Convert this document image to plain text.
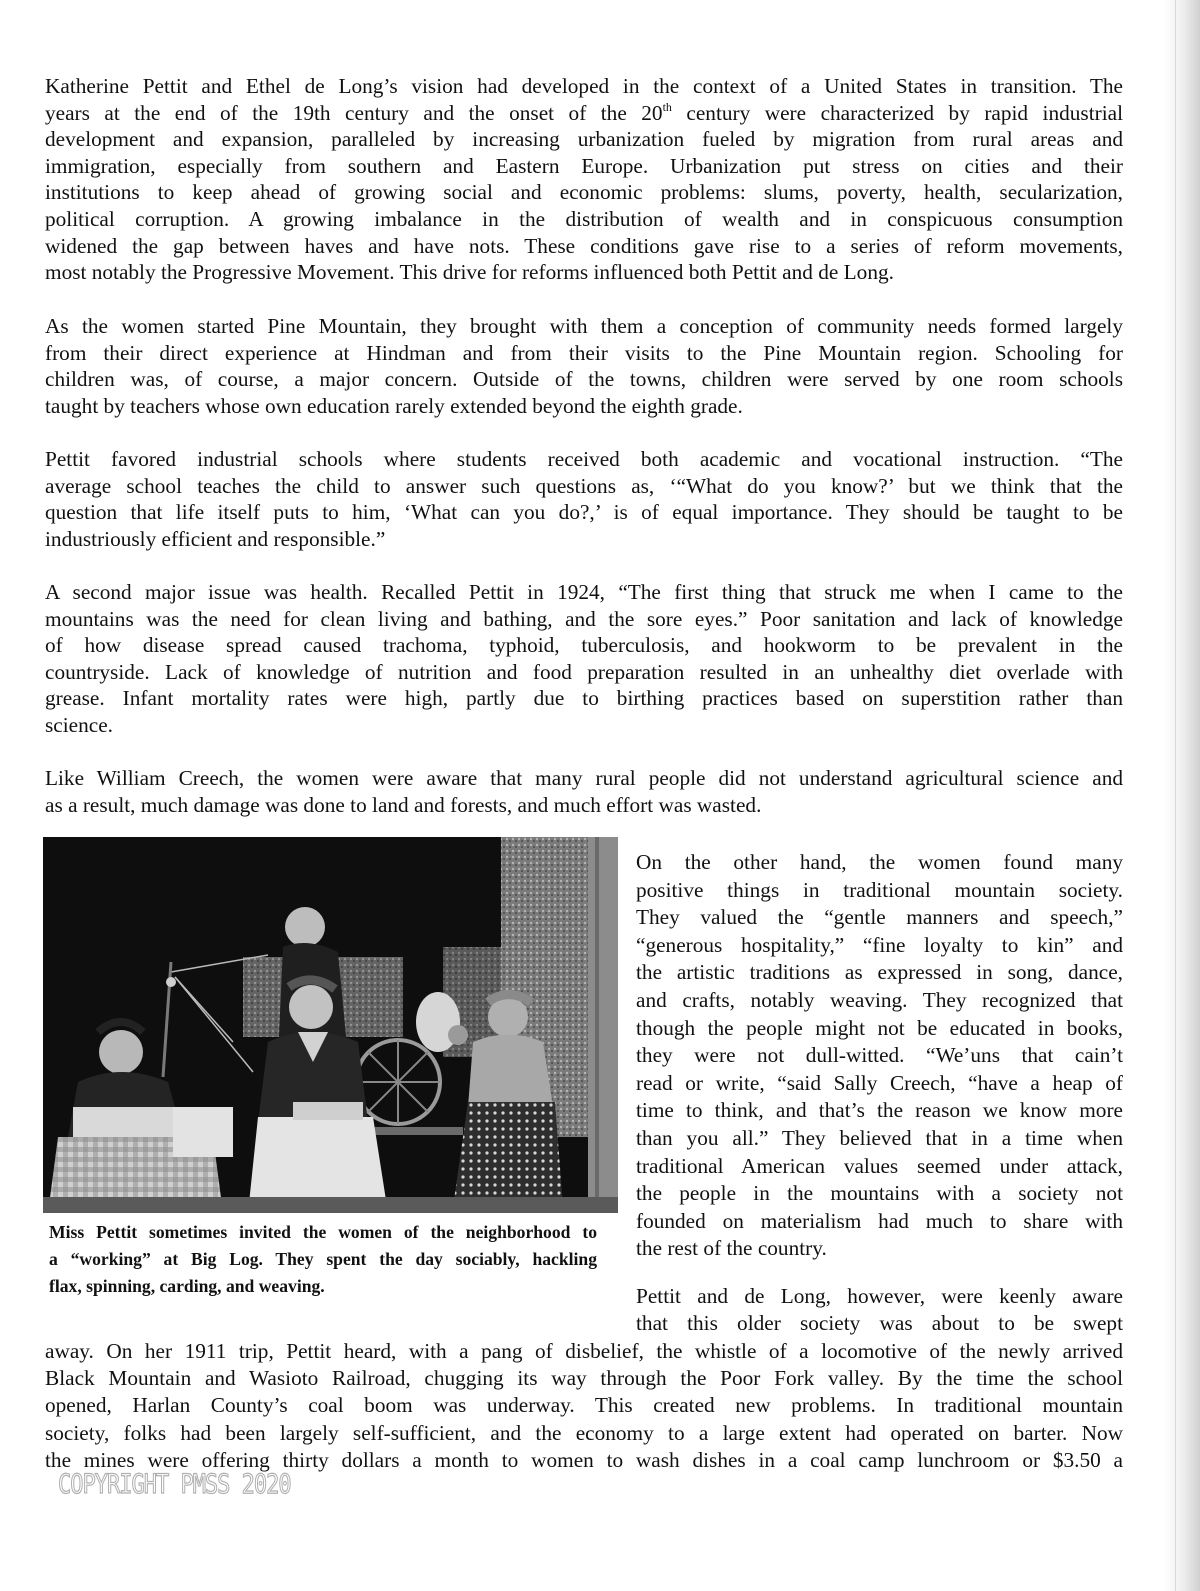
Katherine Pettit and Ethel de Long’s vision had developed in the context of a United States in transition. The
years at the end of the 19th century and the onset of the 20th century were characterized by rapid industrial
development and expansion, paralleled by increasing urbanization fueled by migration from rural areas and
immigration, especially from southern and Eastern Europe. Urbanization put stress on cities and their
institutions to keep ahead of growing social and economic problems: slums, poverty, health, secularization,
political corruption. A growing imbalance in the distribution of wealth and in conspicuous consumption
widened the gap between haves and have nots. These conditions gave rise to a series of reform movements,
most notably the Progressive Movement. This drive for reforms influenced both Pettit and de Long.
As the women started Pine Mountain, they brought with them a conception of community needs formed largely
from their direct experience at Hindman and from their visits to the Pine Mountain region. Schooling for
children was, of course, a major concern. Outside of the towns, children were served by one room schools
taught by teachers whose own education rarely extended beyond the eighth grade.
Pettit favored industrial schools where students received both academic and vocational instruction. “The
average school teaches the child to answer such questions as, ‘“What do you know?’ but we think that the
question that life itself puts to him, ‘What can you do?,’ is of equal importance. They should be taught to be
industriously efficient and responsible.”
A second major issue was health. Recalled Pettit in 1924, “The first thing that struck me when I came to the
mountains was the need for clean living and bathing, and the sore eyes.” Poor sanitation and lack of knowledge
of how disease spread caused trachoma, typhoid, tuberculosis, and hookworm to be prevalent in the
countryside. Lack of knowledge of nutrition and food preparation resulted in an unhealthy diet overlade with
grease. Infant mortality rates were high, partly due to birthing practices based on superstition rather than
science.
Like William Creech, the women were aware that many rural people did not understand agricultural science and
as a result, much damage was done to land and forests, and much effort was wasted.
Miss Pettit sometimes invited the women of the neighborhood to
a “working” at Big Log. They spent the day sociably, hackling
flax, spinning, carding, and weaving.
On the other hand, the women found many
positive things in traditional mountain society.
They valued the “gentle manners and speech,”
“generous hospitality,” “fine loyalty to kin” and
the artistic traditions as expressed in song, dance,
and crafts, notably weaving. They recognized that
though the people might not be educated in books,
they were not dull-witted. “We’uns that cain’t
read or write, “said Sally Creech, “have a heap of
time to think, and that’s the reason we know more
than you all.” They believed that in a time when
traditional American values seemed under attack,
the people in the mountains with a society not
founded on materialism had much to share with
the rest of the country.
Pettit and de Long, however, were keenly aware
that this older society was about to be swept
away. On her 1911 trip, Pettit heard, with a pang of disbelief, the whistle of a locomotive of the newly arrived
Black Mountain and Wasioto Railroad, chugging its way through the Poor Fork valley. By the time the school
opened, Harlan County’s coal boom was underway. This created new problems. In traditional mountain
society, folks had been largely self-sufficient, and the economy to a large extent had operated on barter. Now
the mines were offering thirty dollars a month to women to wash dishes in a coal camp lunchroom or $3.50 a
COPYRIGHT PMSS 2020
